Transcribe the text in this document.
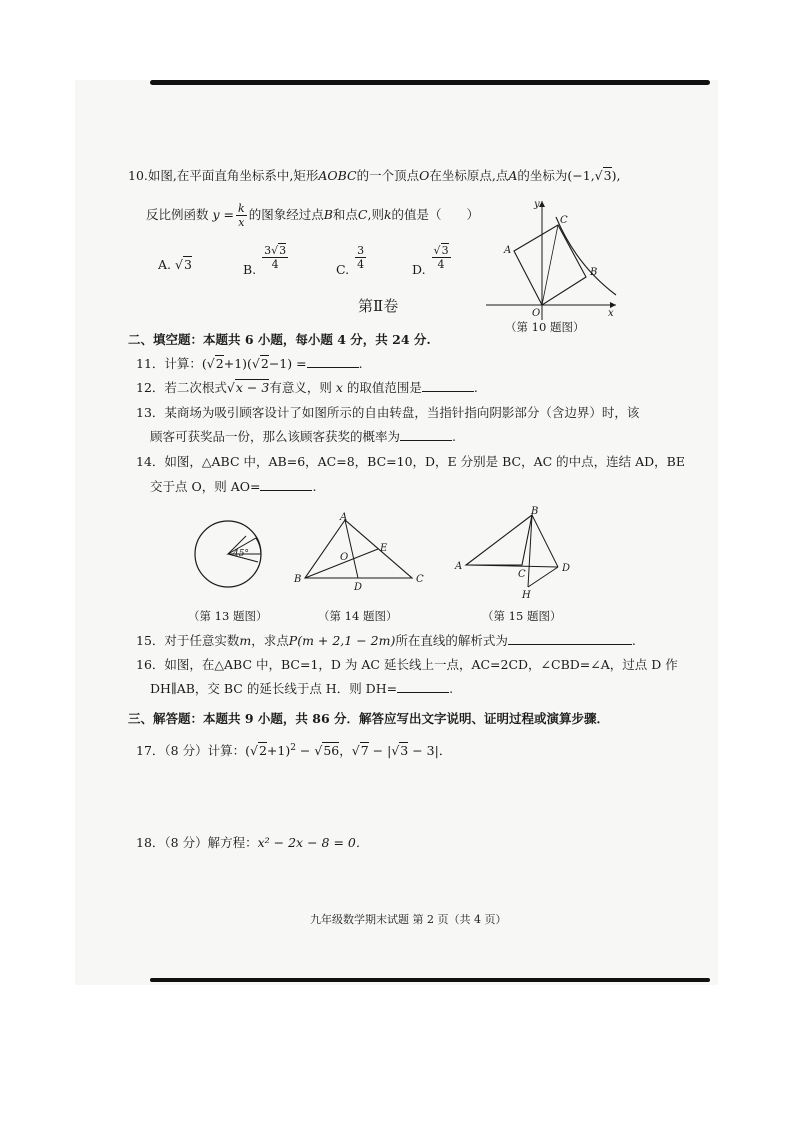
10.如图,在平面直角坐标系中,矩形AOBC的一个顶点O在坐标原点,点A的坐标为(−1,√3),
反比例函数 $y = \frac{k}{x}$ 的图象经过点B和点C,则k的值是（　　）
A. √3	B. $\frac{3√3}{4}$	C. $\frac{3}{4}$	D. $\frac{√3}{4}$
y
x
O
A
C
B
（第 10 题图）
第Ⅱ卷
二、填空题：本题共 6 小题，每小题 4 分，共 24 分.
11．计算：(√2+1)(√2−1) =	.
12．若二次根式√x − 3有意义，则 x 的取值范围是	.
13．某商场为吸引顾客设计了如图所示的自由转盘，当指针指向阴影部分（含边界）时，该
顾客可获奖品一份，那么该顾客获奖的概率为	.
14．如图，△ABC 中，AB=6，AC=8，BC=10，D，E 分别是 BC，AC 的中点，连结 AD，BE
交于点 O，则 AO=	.
45°
（第 13 题图）
A
B	C
D
E
O
（第 14 题图）
B
A
C
D
H
（第 15 题图）
15．对于任意实数m，求点P(m + 2,1 − 2m)所在直线的解析式为	.
16．如图，在△ABC 中，BC=1，D 为 AC 延长线上一点，AC=2CD，∠CBD=∠A，过点 D 作
DH∥AB，交 BC 的延长线于点 H．则 DH=	.
三、解答题：本题共 9 小题，共 86 分．解答应写出文字说明、证明过程或演算步骤．
17．（8 分）计算：$(√2+1)^2 - √56$，√7 − |√3 − 3|．
18．（8 分）解方程：x² − 2x − 8 = 0．
九年级数学期末试题 第 2 页（共 4 页）
